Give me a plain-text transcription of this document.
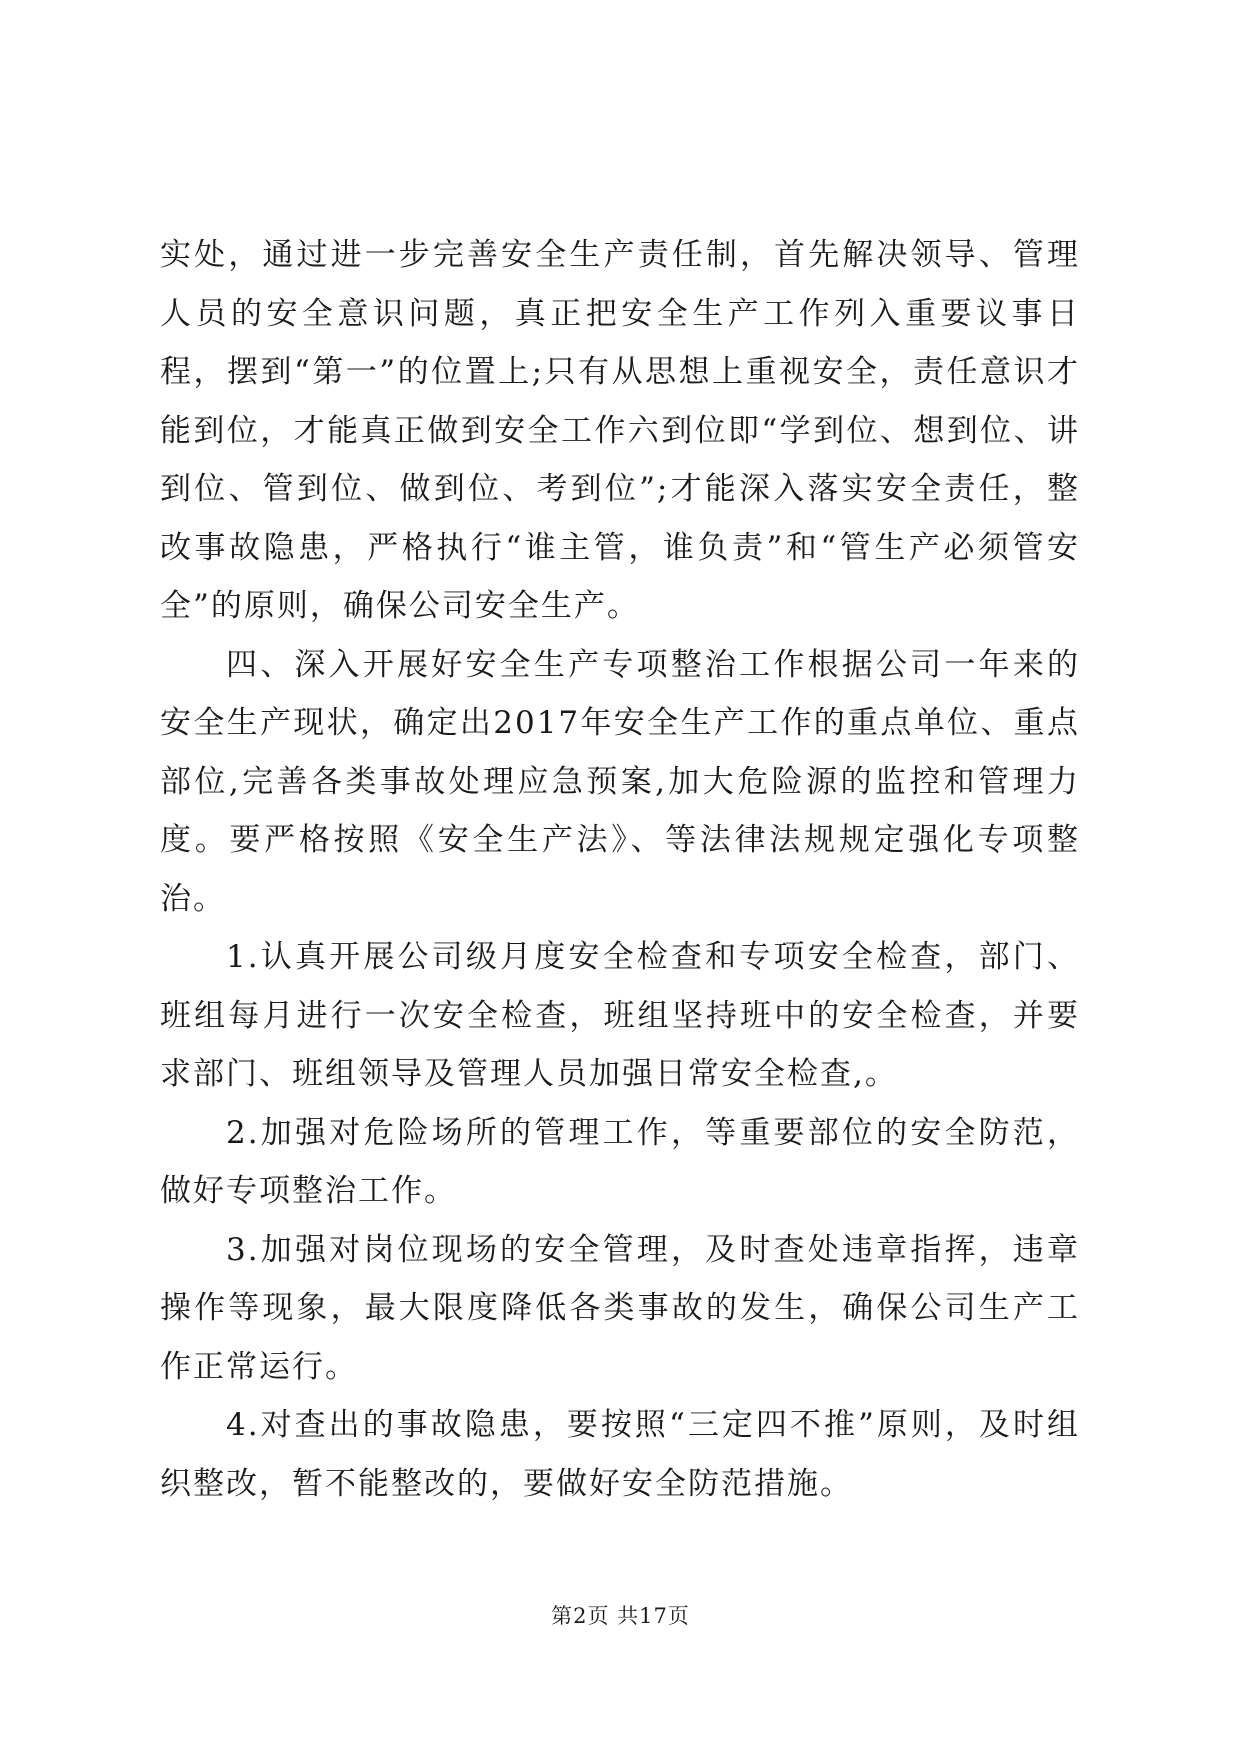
实处，通过进一步完善安全生产责任制，首先解决领导、管理人员的安全意识问题，真正把安全生产工作列入重要议事日程，摆到“第一”的位置上;只有从思想上重视安全，责任意识才能到位，才能真正做到安全工作六到位即“学到位、想到位、讲到位、管到位、做到位、考到位”;才能深入落实安全责任，整改事故隐患，严格执行“谁主管，谁负责”和“管生产必须管安全”的原则，确保公司安全生产。

四、深入开展好安全生产专项整治工作根据公司一年来的安全生产现状，确定出2017年安全生产工作的重点单位、重点部位,完善各类事故处理应急预案,加大危险源的监控和管理力度。要严格按照《安全生产法》、等法律法规规定强化专项整治。

1.认真开展公司级月度安全检查和专项安全检查，部门、班组每月进行一次安全检查，班组坚持班中的安全检查，并要求部门、班组领导及管理人员加强日常安全检查,。

2.加强对危险场所的管理工作，等重要部位的安全防范，做好专项整治工作。

3.加强对岗位现场的安全管理，及时查处违章指挥，违章操作等现象，最大限度降低各类事故的发生，确保公司生产工作正常运行。

4.对查出的事故隐患，要按照“三定四不推”原则，及时组织整改，暂不能整改的，要做好安全防范措施。

第2页 共17页
